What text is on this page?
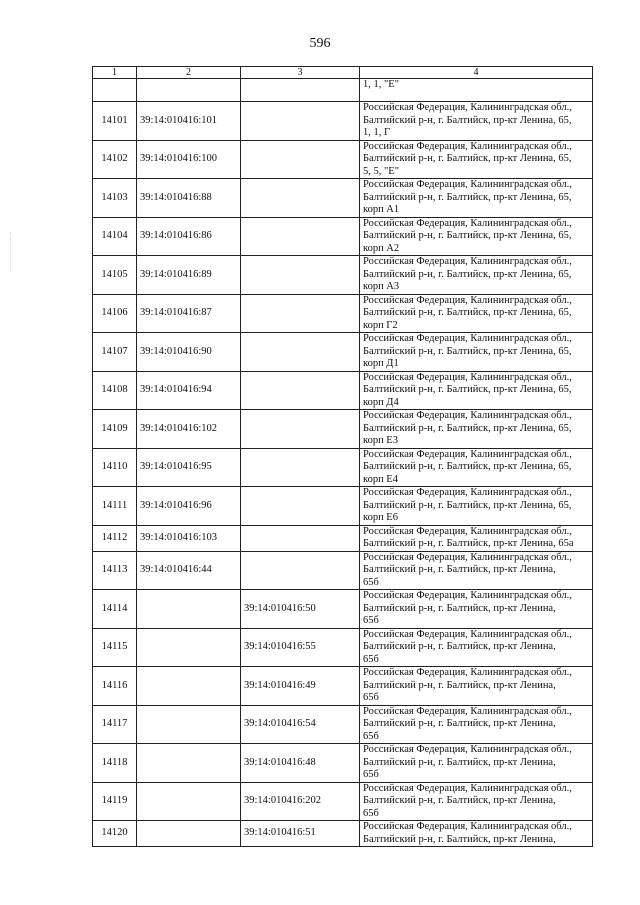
596
1	2	3	4

			1, 1, "Е"

14101	39:14:010416:101		Российская Федерация, Калининградская обл.,
Балтийский р-н, г. Балтийск, пр-кт Ленина, 65,
1, 1, Г

14102	39:14:010416:100		Российская Федерация, Калининградская обл.,
Балтийский р-н, г. Балтийск, пр-кт Ленина, 65,
5, 5, "Е"

14103	39:14:010416:88		Российская Федерация, Калининградская обл.,
Балтийский р-н, г. Балтийск, пр-кт Ленина, 65,
корп А1

14104	39:14:010416:86		Российская Федерация, Калининградская обл.,
Балтийский р-н, г. Балтийск, пр-кт Ленина, 65,
корп А2

14105	39:14:010416:89		Российская Федерация, Калининградская обл.,
Балтийский р-н, г. Балтийск, пр-кт Ленина, 65,
корп А3

14106	39:14:010416:87		Российская Федерация, Калининградская обл.,
Балтийский р-н, г. Балтийск, пр-кт Ленина, 65,
корп Г2

14107	39:14:010416:90		Российская Федерация, Калининградская обл.,
Балтийский р-н, г. Балтийск, пр-кт Ленина, 65,
корп Д1

14108	39:14:010416:94		Российская Федерация, Калининградская обл.,
Балтийский р-н, г. Балтийск, пр-кт Ленина, 65,
корп Д4

14109	39:14:010416:102		Российская Федерация, Калининградская обл.,
Балтийский р-н, г. Балтийск, пр-кт Ленина, 65,
корп Е3

14110	39:14:010416:95		Российская Федерация, Калининградская обл.,
Балтийский р-н, г. Балтийск, пр-кт Ленина, 65,
корп Е4

14111	39:14:010416:96		Российская Федерация, Калининградская обл.,
Балтийский р-н, г. Балтийск, пр-кт Ленина, 65,
корп Е6

14112	39:14:010416:103		Российская Федерация, Калининградская обл.,
Балтийский р-н, г. Балтийск, пр-кт Ленина, 65а

14113	39:14:010416:44		Российская Федерация, Калининградская обл.,
Балтийский р-н, г. Балтийск, пр-кт Ленина,
65б

14114		39:14:010416:50	Российская Федерация, Калининградская обл.,
Балтийский р-н, г. Балтийск, пр-кт Ленина,
65б

14115		39:14:010416:55	Российская Федерация, Калининградская обл.,
Балтийский р-н, г. Балтийск, пр-кт Ленина,
65б

14116		39:14:010416:49	Российская Федерация, Калининградская обл.,
Балтийский р-н, г. Балтийск, пр-кт Ленина,
65б

14117		39:14:010416:54	Российская Федерация, Калининградская обл.,
Балтийский р-н, г. Балтийск, пр-кт Ленина,
65б

14118		39:14:010416:48	Российская Федерация, Калининградская обл.,
Балтийский р-н, г. Балтийск, пр-кт Ленина,
65б

14119		39:14:010416:202	Российская Федерация, Калининградская обл.,
Балтийский р-н, г. Балтийск, пр-кт Ленина,
65б

14120		39:14:010416:51	Российская Федерация, Калининградская обл.,
Балтийский р-н, г. Балтийск, пр-кт Ленина,
